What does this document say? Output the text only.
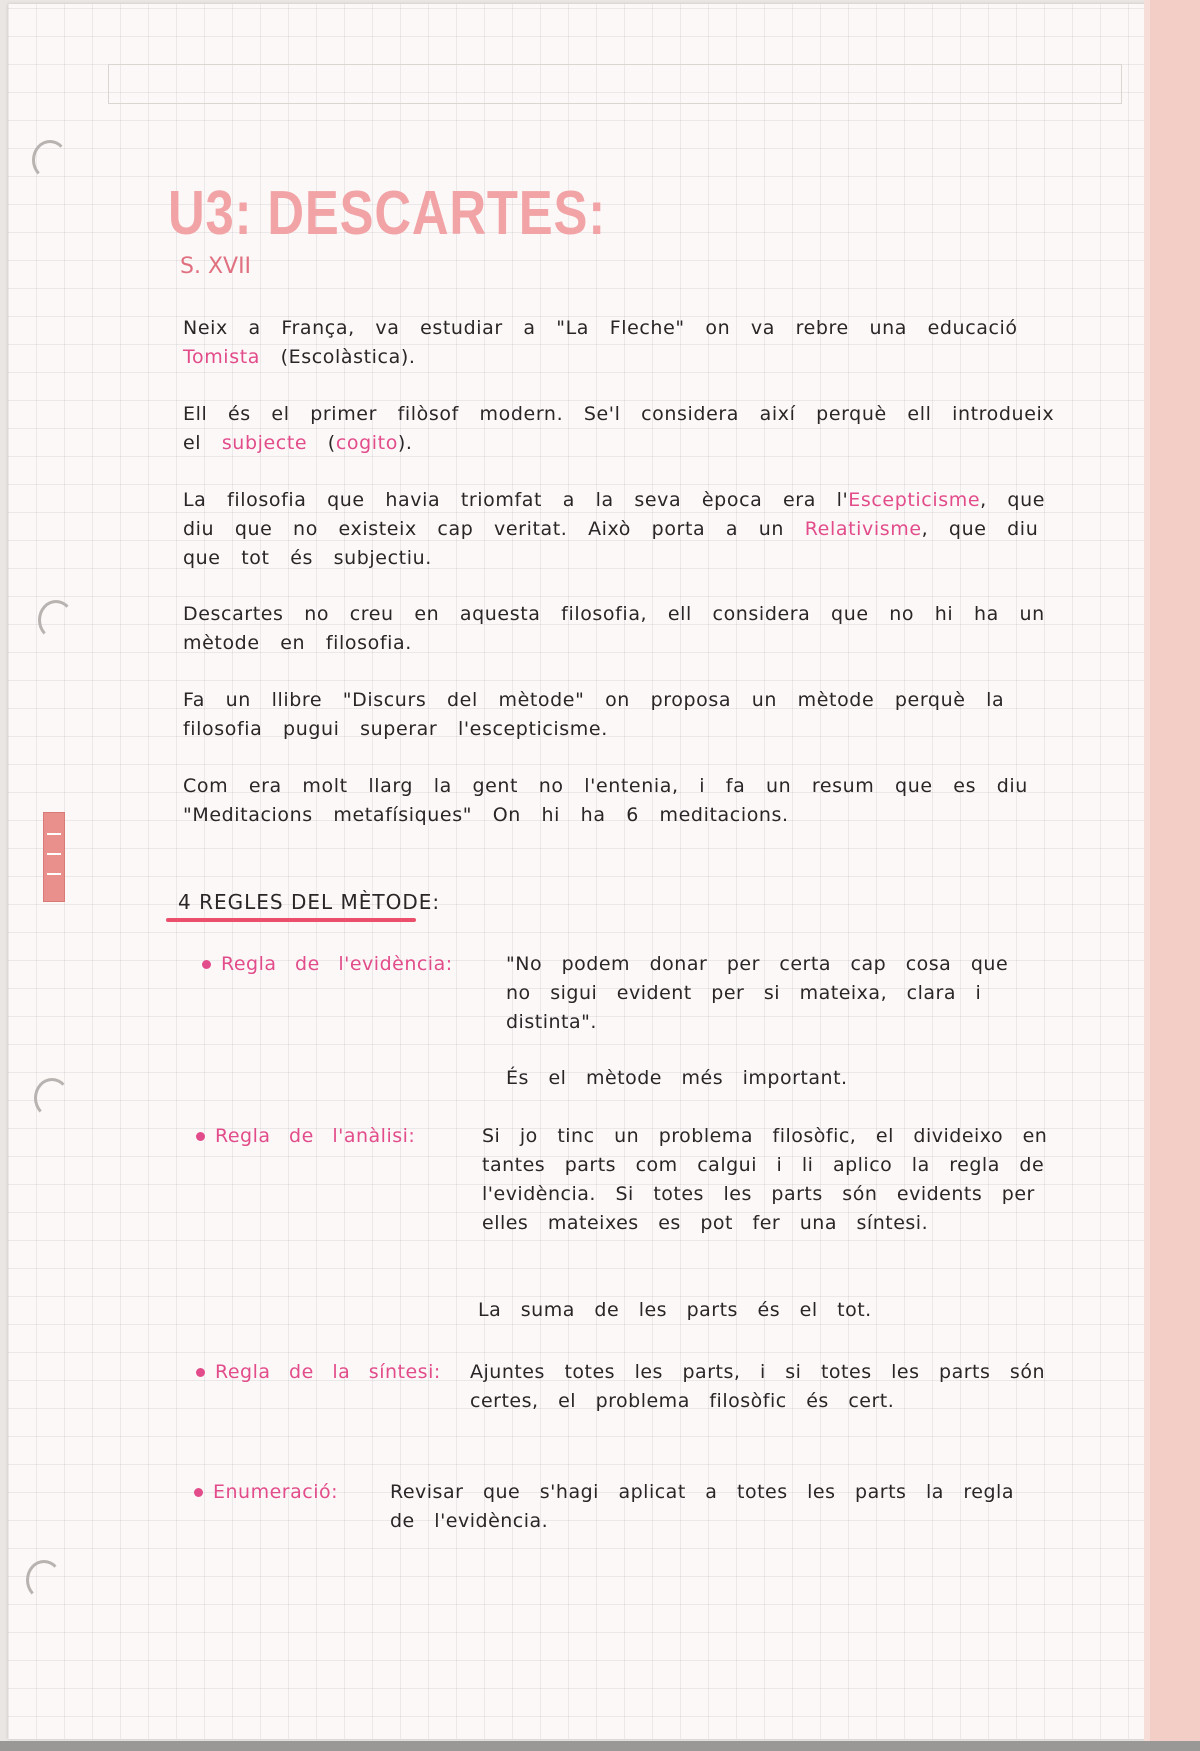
U3: DESCARTES:
S. XVII
Neix a França, va estudiar a "La Fleche" on va rebre una educació Tomista (Escolàstica).
Ell és el primer filòsof modern. Se'l considera així perquè ell introdueix el subjecte (cogito).
La filosofia que havia triomfat a la seva època era l'Escepticisme, que diu que no existeix cap veritat. Això porta a un Relativisme, que diu que tot és subjectiu.
Descartes no creu en aquesta filosofia, ell considera que no hi ha un mètode en filosofia.
Fa un llibre "Discurs del mètode" on proposa un mètode perquè la filosofia pugui superar l'escepticisme.
Com era molt llarg la gent no l'entenia, i fa un resum que es diu "Meditacions metafísiques" On hi ha 6 meditacions.
4 REGLES DEL MÈTODE:
Regla de l'evidència:	"No podem donar per certa cap cosa que no sigui evident per si mateixa, clara i distinta".
És el mètode més important.
Regla de l'anàlisi:	Si jo tinc un problema filosòfic, el divideixo en tantes parts com calgui i li aplico la regla de l'evidència. Si totes les parts són evidents per elles mateixes es pot fer una síntesi.
La suma de les parts és el tot.
Regla de la síntesi: Ajuntes totes les parts, i si totes les parts són certes, el problema filosòfic és cert.
Enumeració:	Revisar que s'hagi aplicat a totes les parts la regla de l'evidència.
